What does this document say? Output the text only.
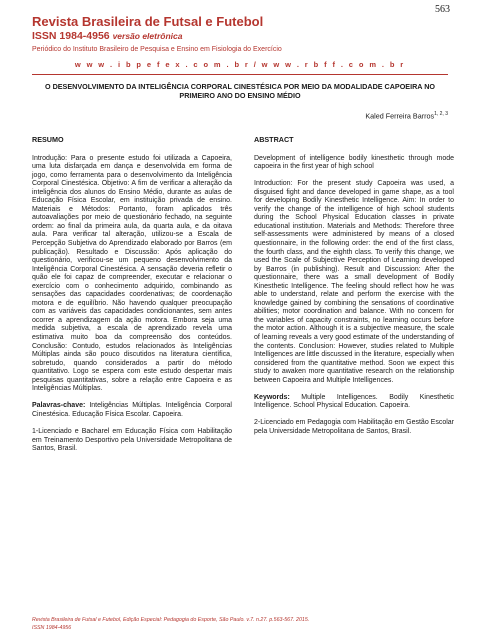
563
Revista Brasileira de Futsal e Futebol
ISSN 1984-4956 versão eletrônica
Periódico do Instituto Brasileiro de Pesquisa e Ensino em Fisiologia do Exercício
w w w . i b p e f e x . c o m . b r / w w w . r b f f . c o m . b r
O DESENVOLVIMENTO DA INTELIGÊNCIA CORPORAL CINESTÉSICA POR MEIO DA MODALIDADE CAPOEIRA NO PRIMEIRO ANO DO ENSINO MÉDIO
Kaled Ferreira Barros$^{1, 2, 3}$
RESUMO

Introdução: Para o presente estudo foi utilizada a Capoeira, uma luta disfarçada em dança e desenvolvida em forma de jogo, como ferramenta para o desenvolvimento da Inteligência Corporal Cinestésica. Objetivo: A fim de verificar a alteração da inteligência dos alunos do Ensino Médio, durante as aulas de Educação Física Escolar, em instituição privada de ensino. Materiais e Métodos: Portanto, foram aplicados três autoavaliações por meio de questionário fechado, na seguinte ordem: ao final da primeira aula, da quarta aula, e da oitava aula. Para verificar tal alteração, utilizou-se a Escala de Percepção Subjetiva do Aprendizado elaborado por Barros (em publicação). Resultado e Discussão: Após aplicação do questionário, verificou-se um pequeno desenvolvimento da Inteligência Corporal Cinestésica. A sensação deveria refletir o quão ele foi capaz de compreender, executar e relacionar o exercício com o conhecimento adquirido, combinando as sensações das capacidades coordenativas; de coordenação motora e de equilíbrio. Não havendo qualquer preocupação com as variáveis das capacidades condicionantes, sem antes ocorrer a aprendizagem da ação motora. Embora seja uma medida subjetiva, a escala de aprendizado revela uma estimativa muito boa da compreensão dos conteúdos. Conclusão: Contudo, estudos relacionados às Inteligências Múltiplas ainda são pouco discutidos na literatura científica, sobretudo, quando considerados a partir do método quantitativo. Logo se espera com este estudo despertar mais pesquisas quantitativas, sobre a relação entre Capoeira e as Inteligências Múltiplas.

Palavras-chave: Inteligências Múltiplas. Inteligência Corporal Cinestésica. Educação Física Escolar. Capoeira.

1-Licenciado e Bacharel em Educação Física com Habilitação em Treinamento Desportivo pela Universidade Metropolitana de Santos, Brasil.

ABSTRACT

Development of intelligence bodily kinesthetic through mode capoeira in the first year of high school

Introduction: For the present study Capoeira was used, a disguised fight and dance developed in game shape, as a tool for developing Bodily Kinesthetic Intelligence. Aim: In order to verify the change of the intelligence of high school students during the School Physical Education classes in private educational institution. Materials and Methods: Therefore three self-assessments were administered by means of a closed questionnaire, in the following order: the end of the first class, the fourth class, and the eighth class. To verify this change, we used the Scale of Subjective Perception of Learning developed by Barros (in publishing). Result and Discussion: After the questionnaire, there was a small development of Bodily Kinesthetic Intelligence. The feeling should reflect how he was able to understand, relate and perform the exercise with the knowledge gained by combining the sensations of coordinative abilities; motor coordination and balance. With no concern for the variables of capacity constraints, no learning occurs before the motor action. Although it is a subjective measure, the scale of learning reveals a very good estimate of the understanding of the contents. Conclusion: However, studies related to Multiple Intelligences are little discussed in the literature, especially when considered from the quantitative method. Soon we expect this study to awaken more quantitative research on the relationship between Capoeira and Multiple Intelligences.

Keywords: Multiple Intelligences. Bodily Kinesthetic Intelligence. School Physical Education. Capoeira.

2-Licenciado em Pedagogia com Habilitação em Gestão Escolar pela Universidade Metropolitana de Santos, Brasil.

Revista Brasileira de Futsal e Futebol, Edição Especial: Pedagogia do Esporte, São Paulo. v.7. n.27. p.563-567. 2015.
ISSN 1984-4956
